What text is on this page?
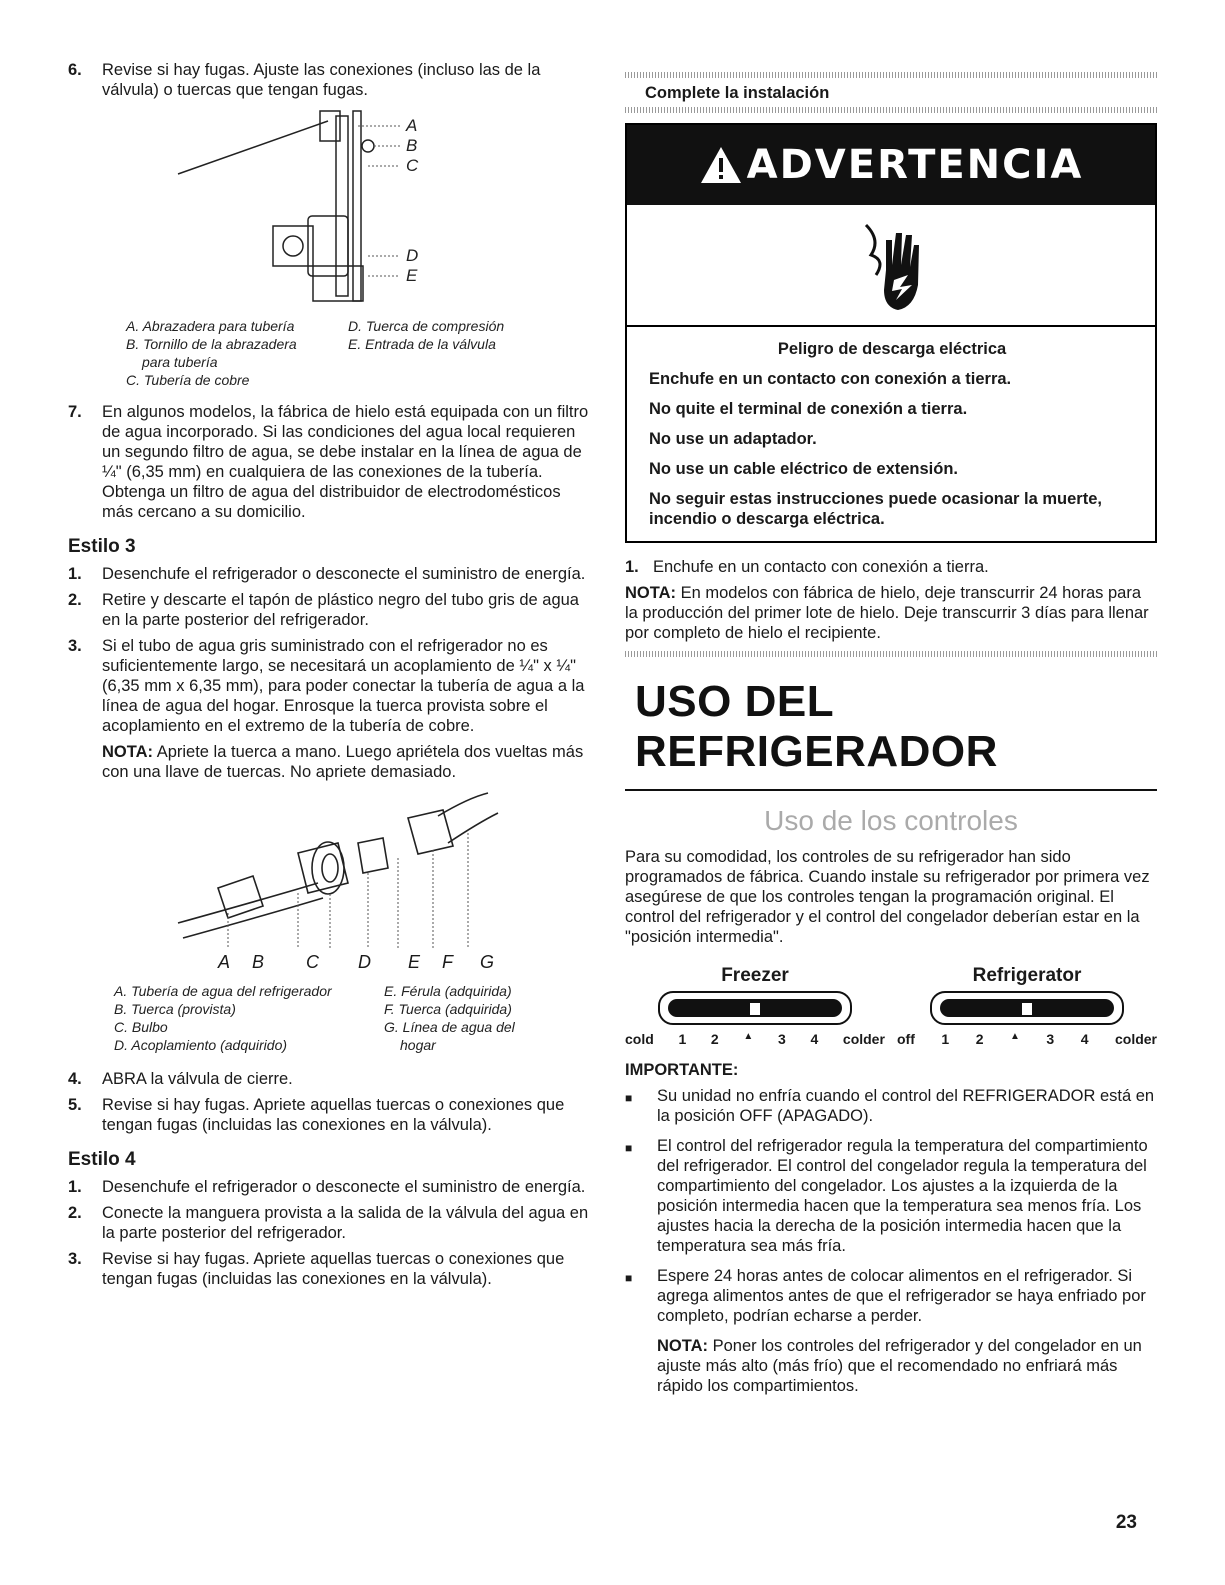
6.	Revise si hay fugas. Ajuste las conexiones (incluso las de la válvula) o tuercas que tengan fugas.
A
B
C
D
E
A. Abrazadera para tubería
B. Tornillo de la abrazadera
para tubería
C. Tubería de cobre
D. Tuerca de compresión
E. Entrada de la válvula
7.	En algunos modelos, la fábrica de hielo está equipada con un filtro de agua incorporado. Si las condiciones del agua local requieren un segundo filtro de agua, se debe instalar en la línea de agua de ¼" (6,35 mm) en cualquiera de las conexiones de la tubería. Obtenga un filtro de agua del distribuidor de electrodomésticos más cercano a su domicilio.
Estilo 3
1.	Desenchufe el refrigerador o desconecte el suministro de energía.
2.	Retire y descarte el tapón de plástico negro del tubo gris de agua en la parte posterior del refrigerador.
3.	Si el tubo de agua gris suministrado con el refrigerador no es suficientemente largo, se necesitará un acoplamiento de ¼" x ¼" (6,35 mm x 6,35 mm), para poder conectar la tubería de agua a la línea de agua del hogar. Enrosque la tuerca provista sobre el acoplamiento en el extremo de la tubería de cobre.
NOTA: Apriete la tuerca a mano. Luego apriétela dos vueltas más con una llave de tuercas. No apriete demasiado.
A	B	C	D	E	F	G
A. Tubería de agua del refrigerador
B. Tuerca (provista)
C. Bulbo
D. Acoplamiento (adquirido)
E. Férula (adquirida)
F. Tuerca (adquirida)
G. Línea de agua del
hogar
4.	ABRA la válvula de cierre.
5.	Revise si hay fugas. Apriete aquellas tuercas o conexiones que tengan fugas (incluidas las conexiones en la válvula).
Estilo 4
1.	Desenchufe el refrigerador o desconecte el suministro de energía.
2.	Conecte la manguera provista a la salida de la válvula del agua en la parte posterior del refrigerador.
3.	Revise si hay fugas. Apriete aquellas tuercas o conexiones que tengan fugas (incluidas las conexiones en la válvula).
Complete la instalación
ADVERTENCIA
Peligro de descarga eléctrica

Enchufe en un contacto con conexión a tierra.

No quite el terminal de conexión a tierra.

No use un adaptador.

No use un cable eléctrico de extensión.

No seguir estas instrucciones puede ocasionar la muerte, incendio o descarga eléctrica.

1. Enchufe en un contacto con conexión a tierra.
NOTA: En modelos con fábrica de hielo, deje transcurrir 24 horas para la producción del primer lote de hielo. Deje transcurrir 3 días para llenar por completo de hielo el recipiente.
USO DEL REFRIGERADOR
Uso de los controles

Para su comodidad, los controles de su refrigerador han sido programados de fábrica. Cuando instale su refrigerador por primera vez asegúrese de que los controles tengan la programación original. El control del refrigerador y el control del congelador deberían estar en la "posición intermedia".

Freezer
cold 1 2 ▲ 3 4 colder
Refrigerator
off 1 2	▲ 3 4 colder
IMPORTANTE:
■	Su unidad no enfría cuando el control del REFRIGERADOR está en la posición OFF (APAGADO).
■	El control del refrigerador regula la temperatura del compartimiento del refrigerador. El control del congelador regula la temperatura del compartimiento del congelador. Los ajustes a la izquierda de la posición intermedia hacen que la temperatura sea menos fría. Los ajustes hacia la derecha de la posición intermedia hacen que la temperatura sea más fría.
■	Espere 24 horas antes de colocar alimentos en el refrigerador. Si agrega alimentos antes de que el refrigerador se haya enfriado por completo, podrían echarse a perder.
NOTA: Poner los controles del refrigerador y del congelador en un ajuste más alto (más frío) que el recomendado no enfriará más rápido los compartimientos.
23
